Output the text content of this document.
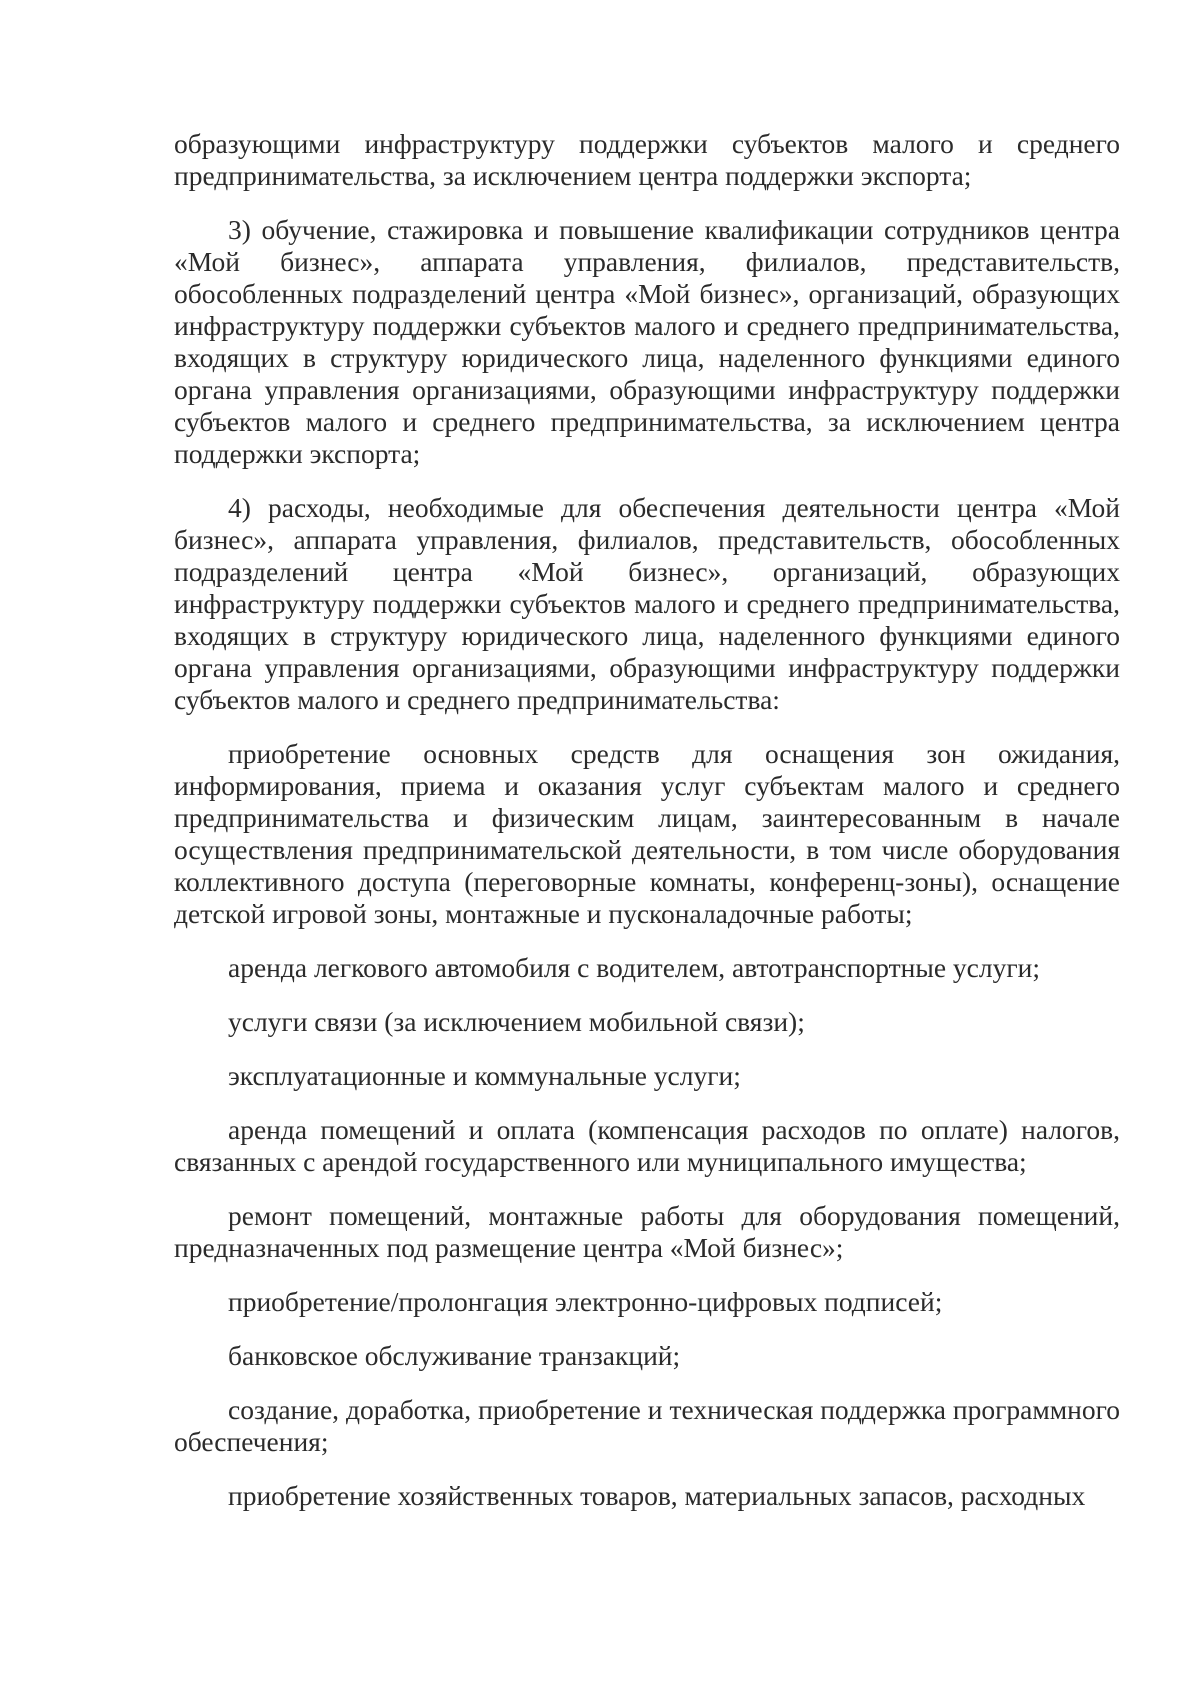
образующими инфраструктуру поддержки субъектов малого и среднего предпринимательства, за исключением центра поддержки экспорта;

3) обучение, стажировка и повышение квалификации сотрудников центра «Мой бизнес», аппарата управления, филиалов, представительств, обособленных подразделений центра «Мой бизнес», организаций, образующих инфраструктуру поддержки субъектов малого и среднего предпринимательства, входящих в структуру юридического лица, наделенного функциями единого органа управления организациями, образующими инфраструктуру поддержки субъектов малого и среднего предпринимательства, за исключением центра поддержки экспорта;

4) расходы, необходимые для обеспечения деятельности центра «Мой бизнес», аппарата управления, филиалов, представительств, обособленных подразделений центра «Мой бизнес», организаций, образующих инфраструктуру поддержки субъектов малого и среднего предпринимательства, входящих в структуру юридического лица, наделенного функциями единого органа управления организациями, образующими инфраструктуру поддержки субъектов малого и среднего предпринимательства:

приобретение основных средств для оснащения зон ожидания, информирования, приема и оказания услуг субъектам малого и среднего предпринимательства и физическим лицам, заинтересованным в начале осуществления предпринимательской деятельности, в том числе оборудования коллективного доступа (переговорные комнаты, конференц-зоны), оснащение детской игровой зоны, монтажные и пусконаладочные работы;

аренда легкового автомобиля с водителем, автотранспортные услуги;

услуги связи (за исключением мобильной связи);

эксплуатационные и коммунальные услуги;

аренда помещений и оплата (компенсация расходов по оплате) налогов, связанных с арендой государственного или муниципального имущества;

ремонт помещений, монтажные работы для оборудования помещений, предназначенных под размещение центра «Мой бизнес»;

приобретение/пролонгация электронно-цифровых подписей;

банковское обслуживание транзакций;

создание, доработка, приобретение и техническая поддержка программного обеспечения;

приобретение хозяйственных товаров, материальных запасов, расходных
